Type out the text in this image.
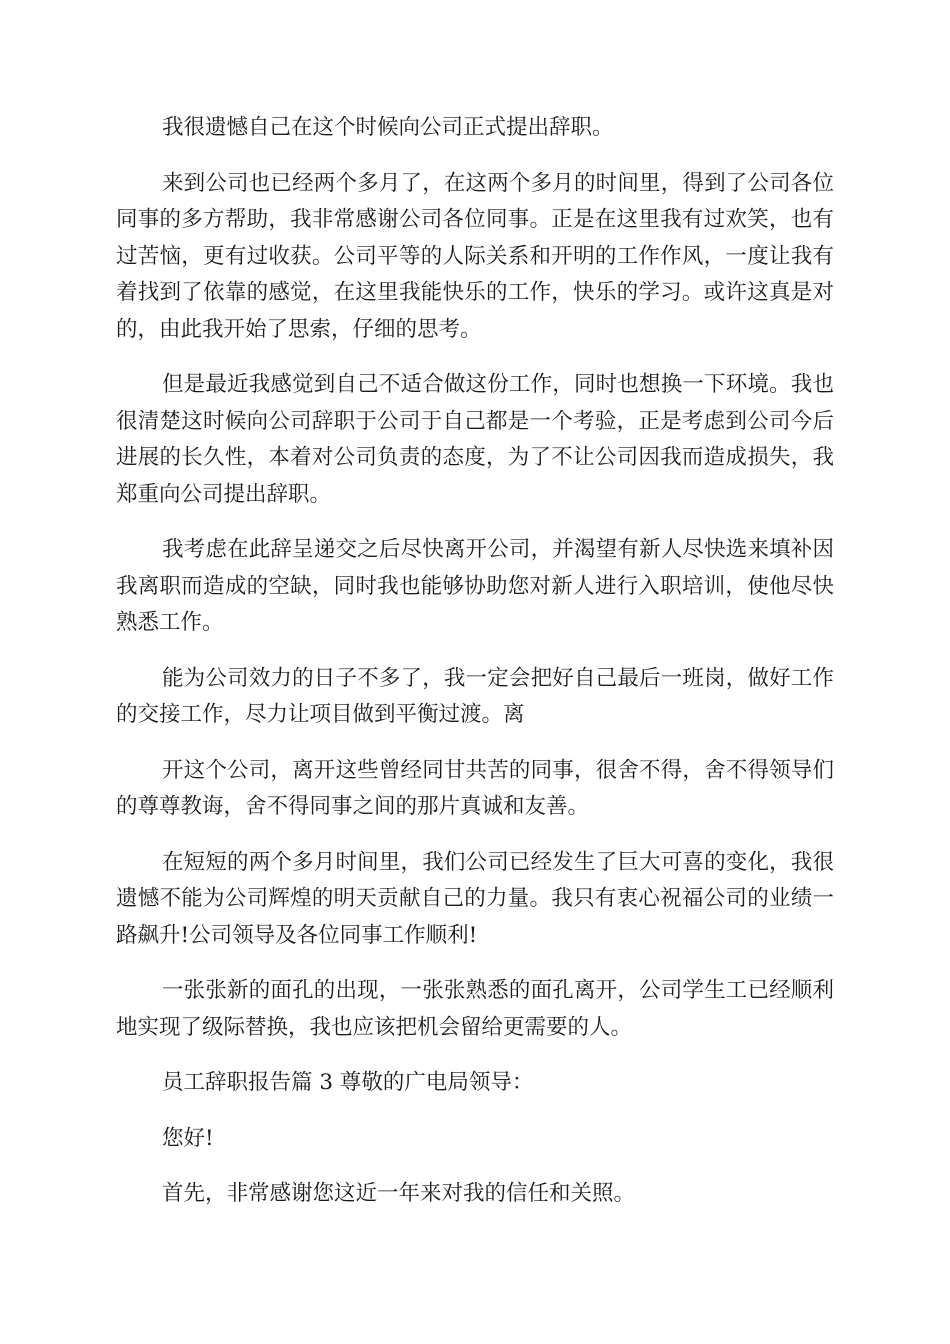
我很遗憾自己在这个时候向公司正式提出辞职。

来到公司也已经两个多月了，在这两个多月的时间里，得到了公司各位同事的多方帮助，我非常感谢公司各位同事。正是在这里我有过欢笑，也有过苦恼，更有过收获。公司平等的人际关系和开明的工作作风，一度让我有着找到了依靠的感觉，在这里我能快乐的工作，快乐的学习。或许这真是对的，由此我开始了思索，仔细的思考。

但是最近我感觉到自己不适合做这份工作，同时也想换一下环境。我也很清楚这时候向公司辞职于公司于自己都是一个考验，正是考虑到公司今后进展的长久性，本着对公司负责的态度，为了不让公司因我而造成损失，我郑重向公司提出辞职。

我考虑在此辞呈递交之后尽快离开公司，并渴望有新人尽快选来填补因我离职而造成的空缺，同时我也能够协助您对新人进行入职培训，使他尽快熟悉工作。

能为公司效力的日子不多了，我一定会把好自己最后一班岗，做好工作的交接工作，尽力让项目做到平衡过渡。离

开这个公司，离开这些曾经同甘共苦的同事，很舍不得，舍不得领导们的尊尊教诲，舍不得同事之间的那片真诚和友善。

在短短的两个多月时间里，我们公司已经发生了巨大可喜的变化，我很遗憾不能为公司辉煌的明天贡献自己的力量。我只有衷心祝福公司的业绩一路飙升!公司领导及各位同事工作顺利!

一张张新的面孔的出现，一张张熟悉的面孔离开，公司学生工已经顺利地实现了级际替换，我也应该把机会留给更需要的人。

员工辞职报告篇 3 尊敬的广电局领导：

您好!

首先，非常感谢您这近一年来对我的信任和关照。
